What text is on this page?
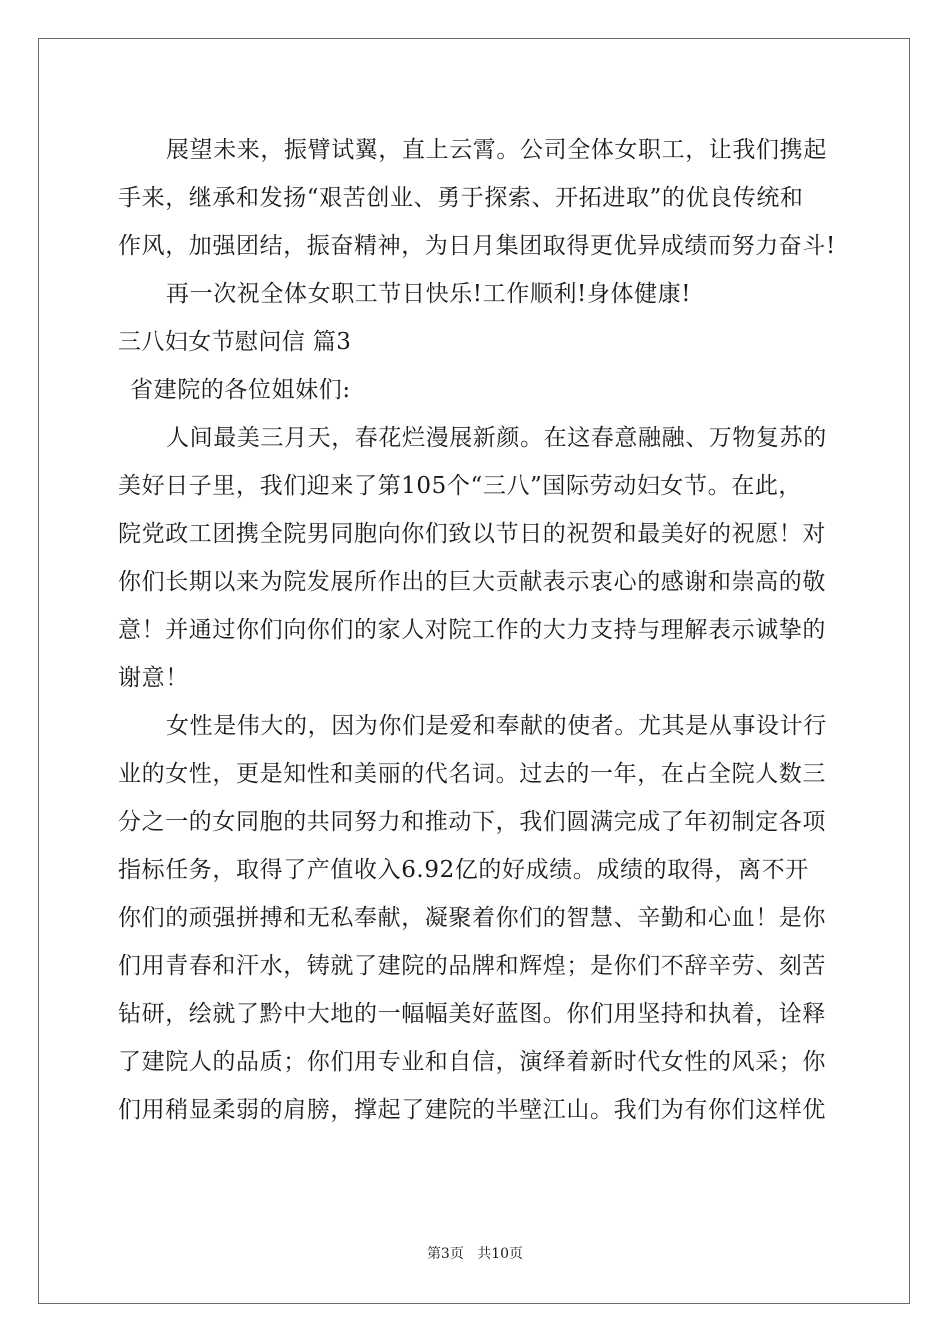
展望未来，振臂试翼，直上云霄。公司全体女职工，让我们携起
手来，继承和发扬“艰苦创业、勇于探索、开拓进取”的优良传统和
作风，加强团结，振奋精神，为日月集团取得更优异成绩而努力奋斗!
再一次祝全体女职工节日快乐!工作顺利!身体健康!
三八妇女节慰问信 篇3
省建院的各位姐妹们:
人间最美三月天，春花烂漫展新颜。在这春意融融、万物复苏的
美好日子里，我们迎来了第105个“三八”国际劳动妇女节。在此，
院党政工团携全院男同胞向你们致以节日的祝贺和最美好的祝愿！对
你们长期以来为院发展所作出的巨大贡献表示衷心的感谢和崇高的敬
意！并通过你们向你们的家人对院工作的大力支持与理解表示诚挚的
谢意！
女性是伟大的，因为你们是爱和奉献的使者。尤其是从事设计行
业的女性，更是知性和美丽的代名词。过去的一年，在占全院人数三
分之一的女同胞的共同努力和推动下，我们圆满完成了年初制定各项
指标任务，取得了产值收入6.92亿的好成绩。成绩的取得，离不开
你们的顽强拼搏和无私奉献，凝聚着你们的智慧、辛勤和心血！是你
们用青春和汗水，铸就了建院的品牌和辉煌；是你们不辞辛劳、刻苦
钻研，绘就了黔中大地的一幅幅美好蓝图。你们用坚持和执着，诠释
了建院人的品质；你们用专业和自信，演绎着新时代女性的风采；你
们用稍显柔弱的肩膀，撑起了建院的半壁江山。我们为有你们这样优
第3页 共10页
